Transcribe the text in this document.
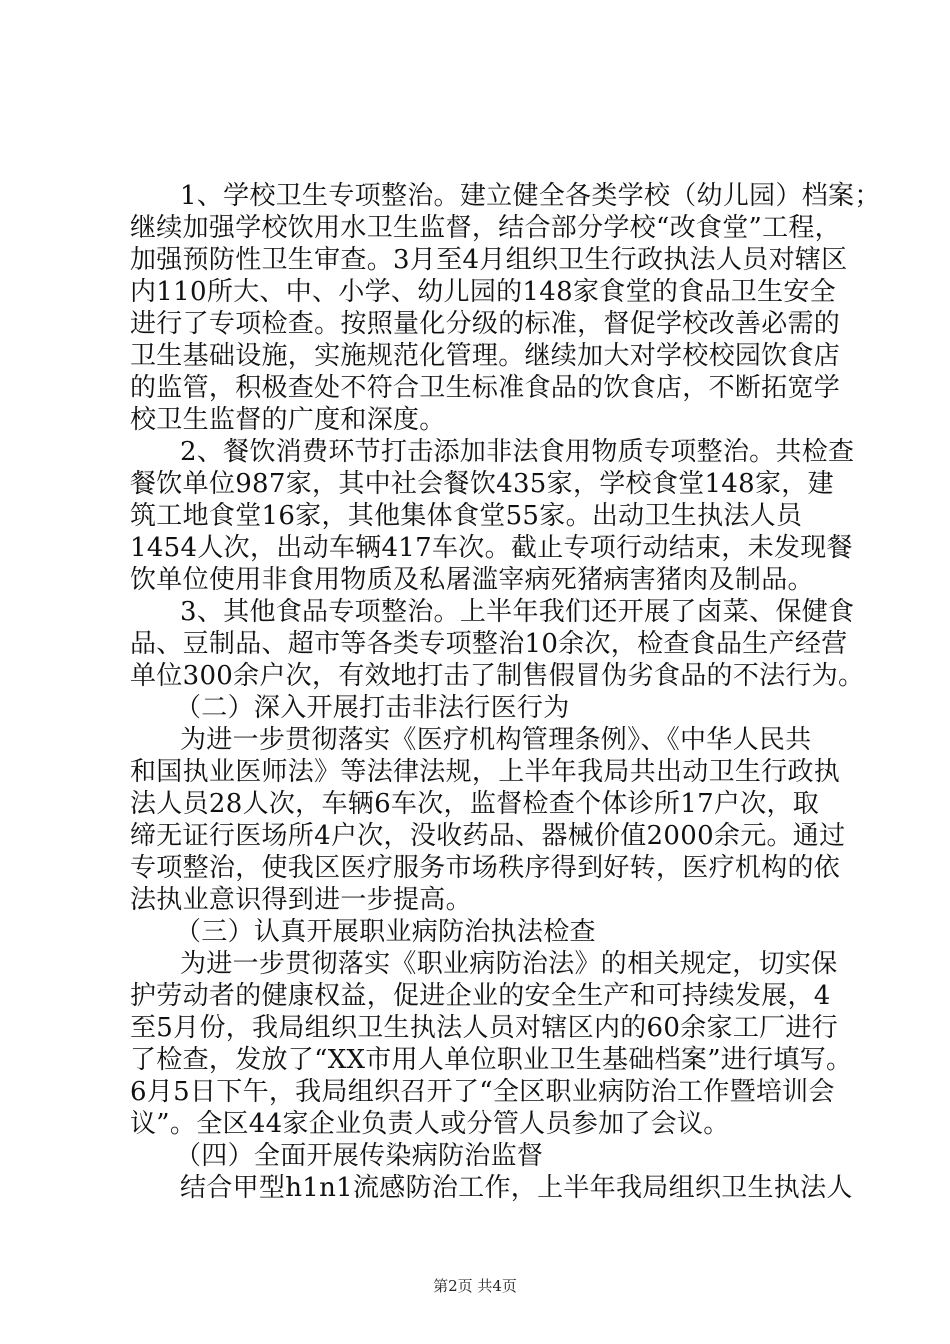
1、学校卫生专项整治。建立健全各类学校（幼儿园）档案；
继续加强学校饮用水卫生监督，结合部分学校“改食堂”工程，
加强预防性卫生审查。3月至4月组织卫生行政执法人员对辖区
内110所大、中、小学、幼儿园的148家食堂的食品卫生安全
进行了专项检查。按照量化分级的标准，督促学校改善必需的
卫生基础设施，实施规范化管理。继续加大对学校校园饮食店
的监管，积极查处不符合卫生标准食品的饮食店，不断拓宽学
校卫生监督的广度和深度。
2、餐饮消费环节打击添加非法食用物质专项整治。共检查
餐饮单位987家，其中社会餐饮435家，学校食堂148家，建
筑工地食堂16家，其他集体食堂55家。出动卫生执法人员
1454人次，出动车辆417车次。截止专项行动结束，未发现餐
饮单位使用非食用物质及私屠滥宰病死猪病害猪肉及制品。
3、其他食品专项整治。上半年我们还开展了卤菜、保健食
品、豆制品、超市等各类专项整治10余次，检查食品生产经营
单位300余户次，有效地打击了制售假冒伪劣食品的不法行为。
（二）深入开展打击非法行医行为
为进一步贯彻落实《医疗机构管理条例》、《中华人民共
和国执业医师法》等法律法规，上半年我局共出动卫生行政执
法人员28人次，车辆6车次，监督检查个体诊所17户次，取
缔无证行医场所4户次，没收药品、器械价值2000余元。通过
专项整治，使我区医疗服务市场秩序得到好转，医疗机构的依
法执业意识得到进一步提高。
（三）认真开展职业病防治执法检查
为进一步贯彻落实《职业病防治法》的相关规定，切实保
护劳动者的健康权益，促进企业的安全生产和可持续发展，4
至5月份，我局组织卫生执法人员对辖区内的60余家工厂进行
了检查，发放了“XX市用人单位职业卫生基础档案”进行填写。
6月5日下午，我局组织召开了“全区职业病防治工作暨培训会
议”。全区44家企业负责人或分管人员参加了会议。
（四）全面开展传染病防治监督
结合甲型h1n1流感防治工作，上半年我局组织卫生执法人
第2页 共4页
